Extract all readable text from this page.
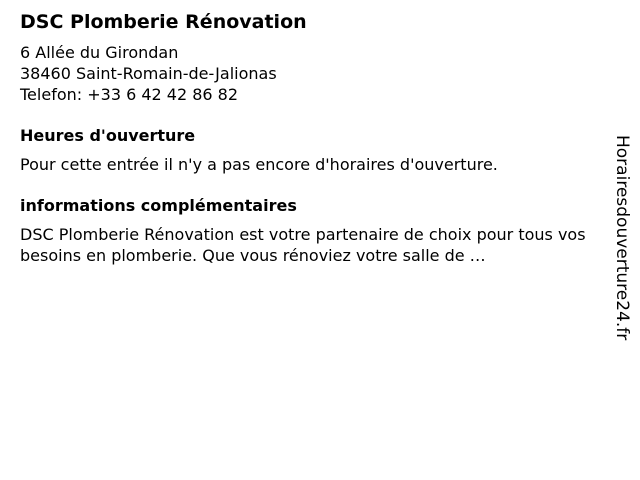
DSC Plomberie Rénovation

6 Allée du Girondan

38460 Saint-Romain-de-Jalionas

Telefon: +33 6 42 42 86 82

Heures d'ouverture

Pour cette entrée il n'y a pas encore d'horaires d'ouverture.

informations complémentaires

DSC Plomberie Rénovation est votre partenaire de choix pour tous vos besoins en plomberie. Que vous rénoviez votre salle de …	Horairesdouverture24.fr
